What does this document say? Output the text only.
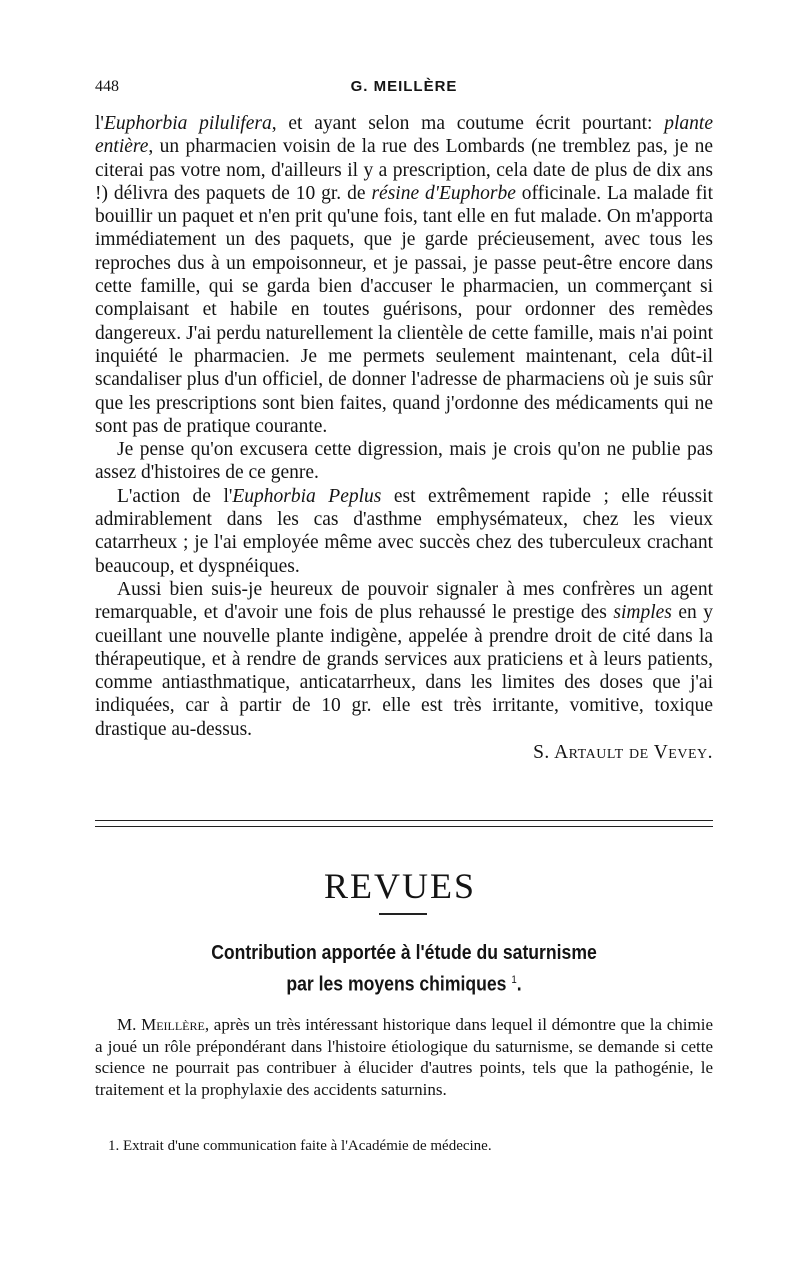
448	G. MEILLÈRE

l'Euphorbia pilulifera, et ayant selon ma coutume écrit pourtant: plante entière, un pharmacien voisin de la rue des Lombards (ne tremblez pas, je ne citerai pas votre nom, d'ailleurs il y a prescription, cela date de plus de dix ans !) délivra des paquets de 10 gr. de résine d'Euphorbe officinale. La malade fit bouillir un paquet et n'en prit qu'une fois, tant elle en fut malade. On m'apporta immédiatement un des paquets, que je garde précieusement, avec tous les reproches dus à un empoisonneur, et je passai, je passe peut-être encore dans cette famille, qui se garda bien d'accuser le pharmacien, un commerçant si complaisant et habile en toutes guérisons, pour ordonner des remèdes dangereux. J'ai perdu naturellement la clientèle de cette famille, mais n'ai point inquiété le pharmacien. Je me permets seulement maintenant, cela dût-il scandaliser plus d'un officiel, de donner l'adresse de pharmaciens où je suis sûr que les prescriptions sont bien faites, quand j'ordonne des médicaments qui ne sont pas de pratique courante.

Je pense qu'on excusera cette digression, mais je crois qu'on ne publie pas assez d'histoires de ce genre.

L'action de l'Euphorbia Peplus est extrêmement rapide ; elle réussit admirablement dans les cas d'asthme emphysémateux, chez les vieux catarrheux ; je l'ai employée même avec succès chez des tuberculeux crachant beaucoup, et dyspnéiques.

Aussi bien suis-je heureux de pouvoir signaler à mes confrères un agent remarquable, et d'avoir une fois de plus rehaussé le prestige des simples en y cueillant une nouvelle plante indigène, appelée à prendre droit de cité dans la thérapeutique, et à rendre de grands services aux praticiens et à leurs patients, comme antiasthmatique, anticatarrheux, dans les limites des doses que j'ai indiquées, car à partir de 10 gr. elle est très irritante, vomitive, toxique drastique au-dessus.

S. Artault de Vevey.

REVUES
Contribution apportée à l'étude du saturnisme
par les moyens chimiques $^1$.

M. Meillère, après un très intéressant historique dans lequel il démontre que la chimie a joué un rôle prépondérant dans l'histoire étiologique du saturnisme, se demande si cette science ne pourrait pas contribuer à élucider d'autres points, tels que la pathogénie, le traitement et la prophylaxie des accidents saturnins.

1. Extrait d'une communication faite à l'Académie de médecine.
